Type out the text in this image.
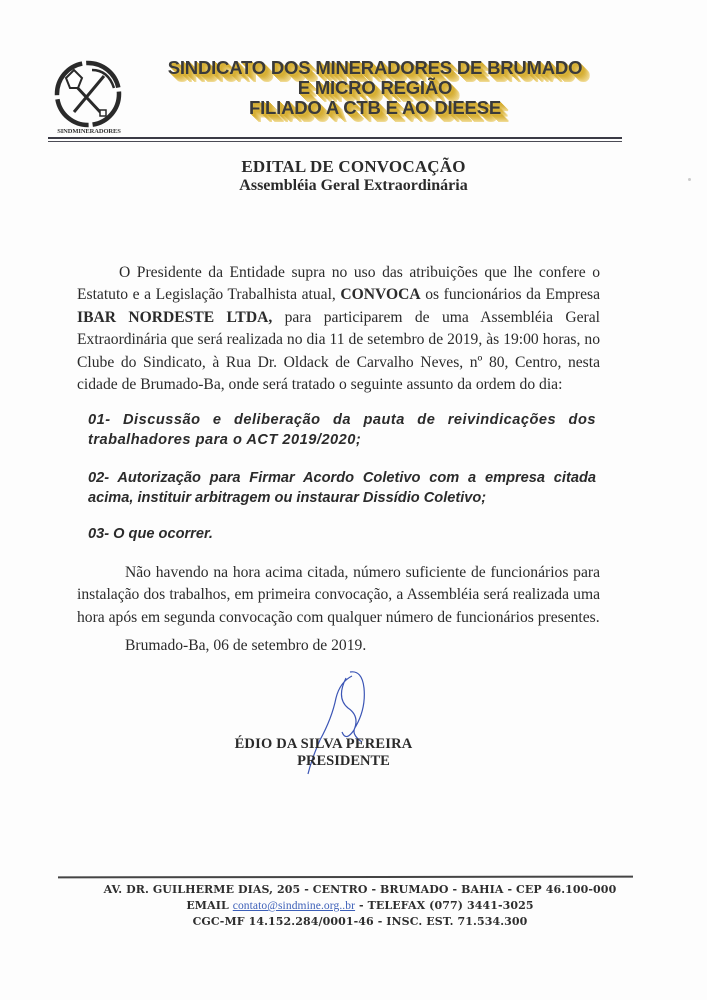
SINDMINERADORES
SINDICATO DOS MINERADORES DE BRUMADO
E MICRO REGIÃO
FILIADO A CTB E AO DIEESE
EDITAL DE CONVOCAÇÃO
Assembléia Geral Extraordinária
O Presidente da Entidade supra no uso das atribuições que lhe confere o Estatuto e a Legislação Trabalhista atual, CONVOCA os funcionários da Empresa IBAR NORDESTE LTDA, para participarem de uma Assembléia Geral Extraordinária que será realizada no dia 11 de setembro de 2019, às 19:00 horas, no Clube do Sindicato, à Rua Dr. Oldack de Carvalho Neves, nº 80, Centro, nesta cidade de Brumado-Ba, onde será tratado o seguinte assunto da ordem do dia:
01- Discussão e deliberação da pauta de reivindicações dos trabalhadores para o ACT 2019/2020;
02- Autorização para Firmar Acordo Coletivo com a empresa citada acima, instituir arbitragem ou instaurar Dissídio Coletivo;
03- O que ocorrer.
Não havendo na hora acima citada, número suficiente de funcionários para instalação dos trabalhos, em primeira convocação, a Assembléia será realizada uma hora após em segunda convocação com qualquer número de funcionários presentes.
Brumado-Ba, 06 de setembro de 2019.
ÉDIO DA SILVA PEREIRA
PRESIDENTE
AV. DR. GUILHERME DIAS, 205 - CENTRO - BRUMADO - BAHIA - CEP 46.100-000
EMAIL contato@sindmine.org..br - TELEFAX (077) 3441-3025
CGC-MF 14.152.284/0001-46 - INSC. EST. 71.534.300
